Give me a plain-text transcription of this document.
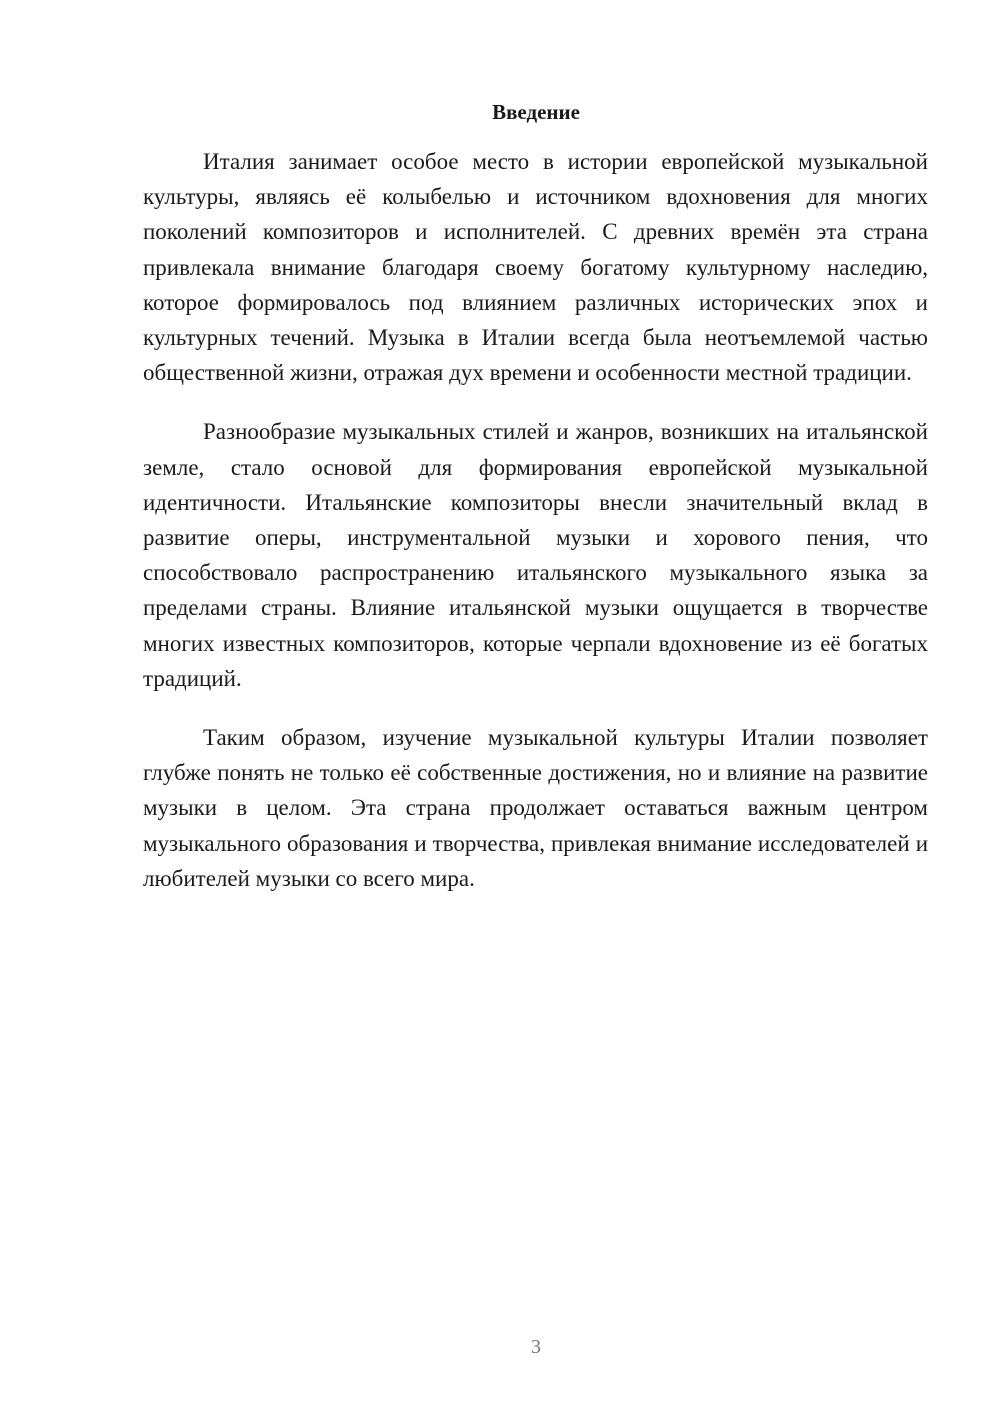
Введение

Италия занимает особое место в истории европейской музыкальной культуры, являясь её колыбелью и источником вдохновения для многих поколений композиторов и исполнителей. С древних времён эта страна привлекала внимание благодаря своему богатому культурному наследию, которое формировалось под влиянием различных исторических эпох и культурных течений. Музыка в Италии всегда была неотъемлемой частью общественной жизни, отражая дух времени и особенности местной традиции.

Разнообразие музыкальных стилей и жанров, возникших на итальянской земле, стало основой для формирования европейской музыкальной идентичности. Итальянские композиторы внесли значительный вклад в развитие оперы, инструментальной музыки и хорового пения, что способствовало распространению итальянского музыкального языка за пределами страны. Влияние итальянской музыки ощущается в творчестве многих известных композиторов, которые черпали вдохновение из её богатых традиций.

Таким образом, изучение музыкальной культуры Италии позволяет глубже понять не только её собственные достижения, но и влияние на развитие музыки в целом. Эта страна продолжает оставаться важным центром музыкального образования и творчества, привлекая внимание исследователей и любителей музыки со всего мира.

3
